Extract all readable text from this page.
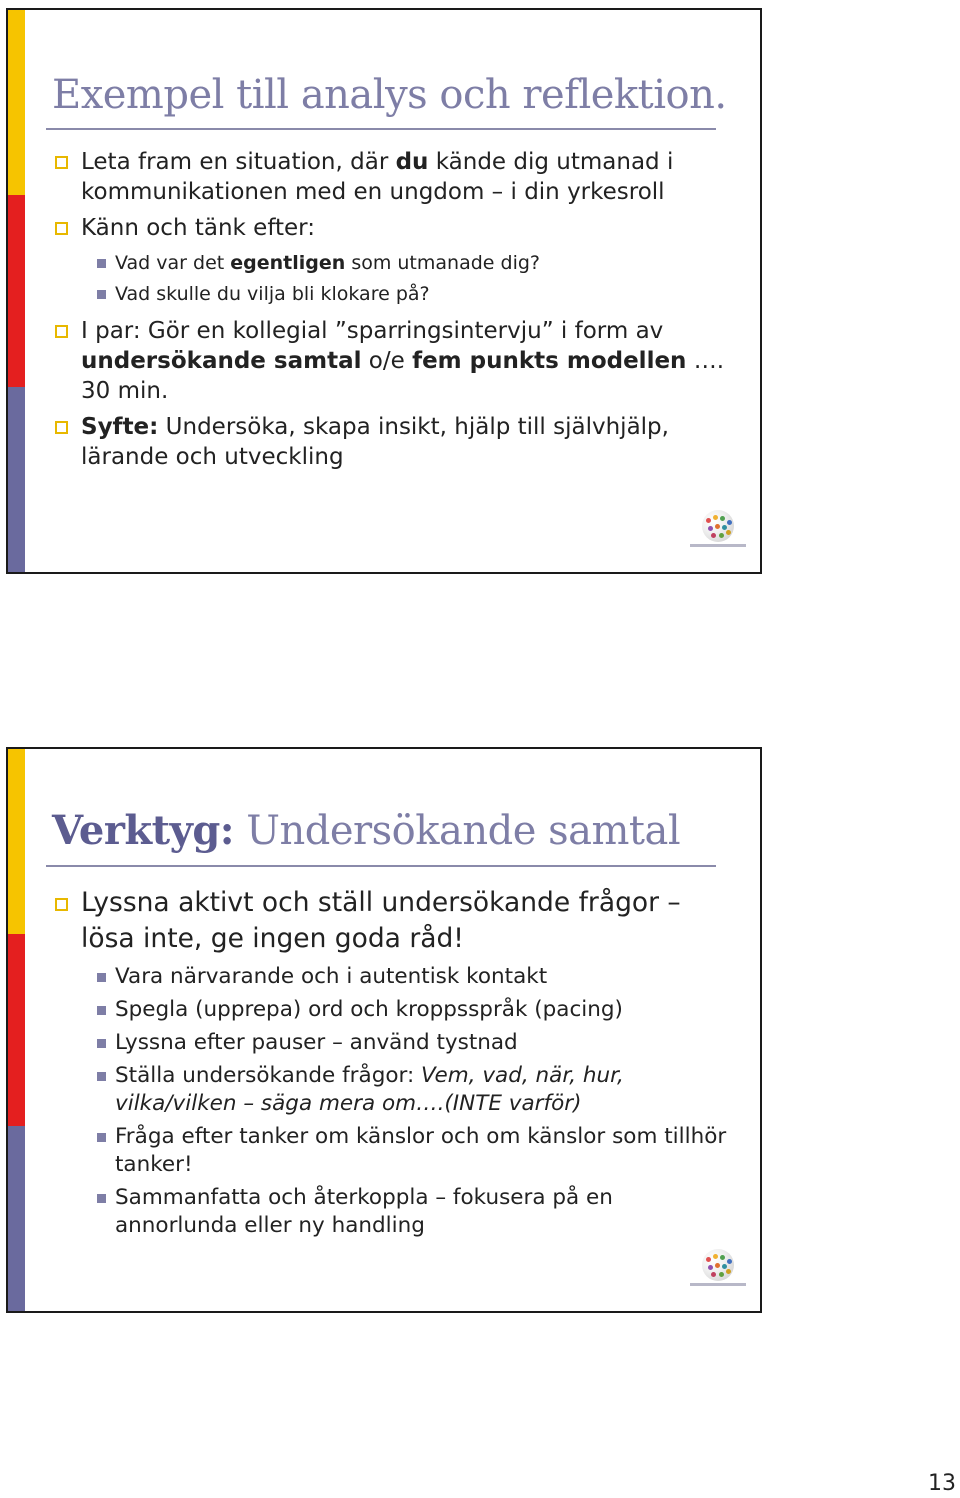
Exempel till analys och reflektion.
Leta fram en situation, där du kände dig utmanad i kommunikationen med en ungdom – i din yrkesroll
Känn och tänk efter:
Vad var det egentligen som utmanade dig?
Vad skulle du vilja bli klokare på?
I par: Gör en kollegial ”sparringsintervju” i form av undersökande samtal o/e fem punkts modellen …. 30 min.
Syfte: Undersöka, skapa insikt, hjälp till självhjälp, lärande och utveckling
Verktyg: Undersökande samtal
Lyssna aktivt och ställ undersökande frågor – lösa inte, ge ingen goda råd!
Vara närvarande och i autentisk kontakt
Spegla (upprepa) ord och kroppsspråk (pacing)
Lyssna efter pauser – använd tystnad
Ställa undersökande frågor: Vem, vad, när, hur, vilka/vilken – säga mera om….(INTE varför)
Fråga efter tanker om känslor och om känslor som tillhör tanker!
Sammanfatta och återkoppla – fokusera på en annorlunda eller ny handling
13
